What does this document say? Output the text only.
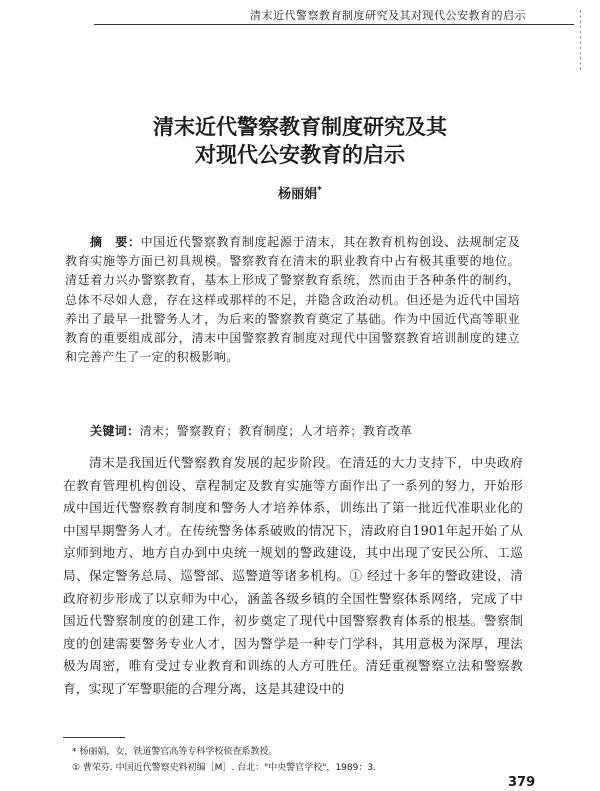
清末近代警察教育制度研究及其对现代公安教育的启示
清末近代警察教育制度研究及其
对现代公安教育的启示
杨丽娟*
摘　要：中国近代警察教育制度起源于清末，其在教育机构创设、法规制定及教育实施等方面已初具规模。警察教育在清末的职业教育中占有极其重要的地位。清廷着力兴办警察教育，基本上形成了警察教育系统，然而由于各种条件的制约，总体不尽如人意，存在这样或那样的不足，并隐含政治动机。但还是为近代中国培养出了最早一批警务人才，为后来的警察教育奠定了基础。作为中国近代高等职业教育的重要组成部分，清末中国警察教育制度对现代中国警察教育培训制度的建立和完善产生了一定的积极影响。
关键词：清末；警察教育；教育制度；人才培养；教育改革
清末是我国近代警察教育发展的起步阶段。在清廷的大力支持下，中央政府在教育管理机构创设、章程制定及教育实施等方面作出了一系列的努力，开始形成中国近代警察教育制度和警务人才培养体系，训练出了第一批近代准职业化的中国早期警务人才。在传统警务体系破败的情况下，清政府自1901年起开始了从京师到地方、地方自办到中央统一规划的警政建设，其中出现了安民公所、工巡局、保定警务总局、巡警部、巡警道等诸多机构。① 经过十多年的警政建设，清政府初步形成了以京师为中心，涵盖各级乡镇的全国性警察体系网络，完成了中国近代警察制度的创建工作，初步奠定了现代中国警察教育体系的根基。警察制度的创建需要警务专业人才，因为警学是一种专门学科，其用意极为深厚，理法极为周密，唯有受过专业教育和训练的人方可胜任。清廷重视警察立法和警察教育，实现了军警职能的合理分离，这是其建设中的
* 杨丽娟，女，铁道警官高等专科学校侦查系教授。
① 曹荣芬. 中国近代警察史料初编［M］. 台北："中央警官学校"，1989：3.
379
